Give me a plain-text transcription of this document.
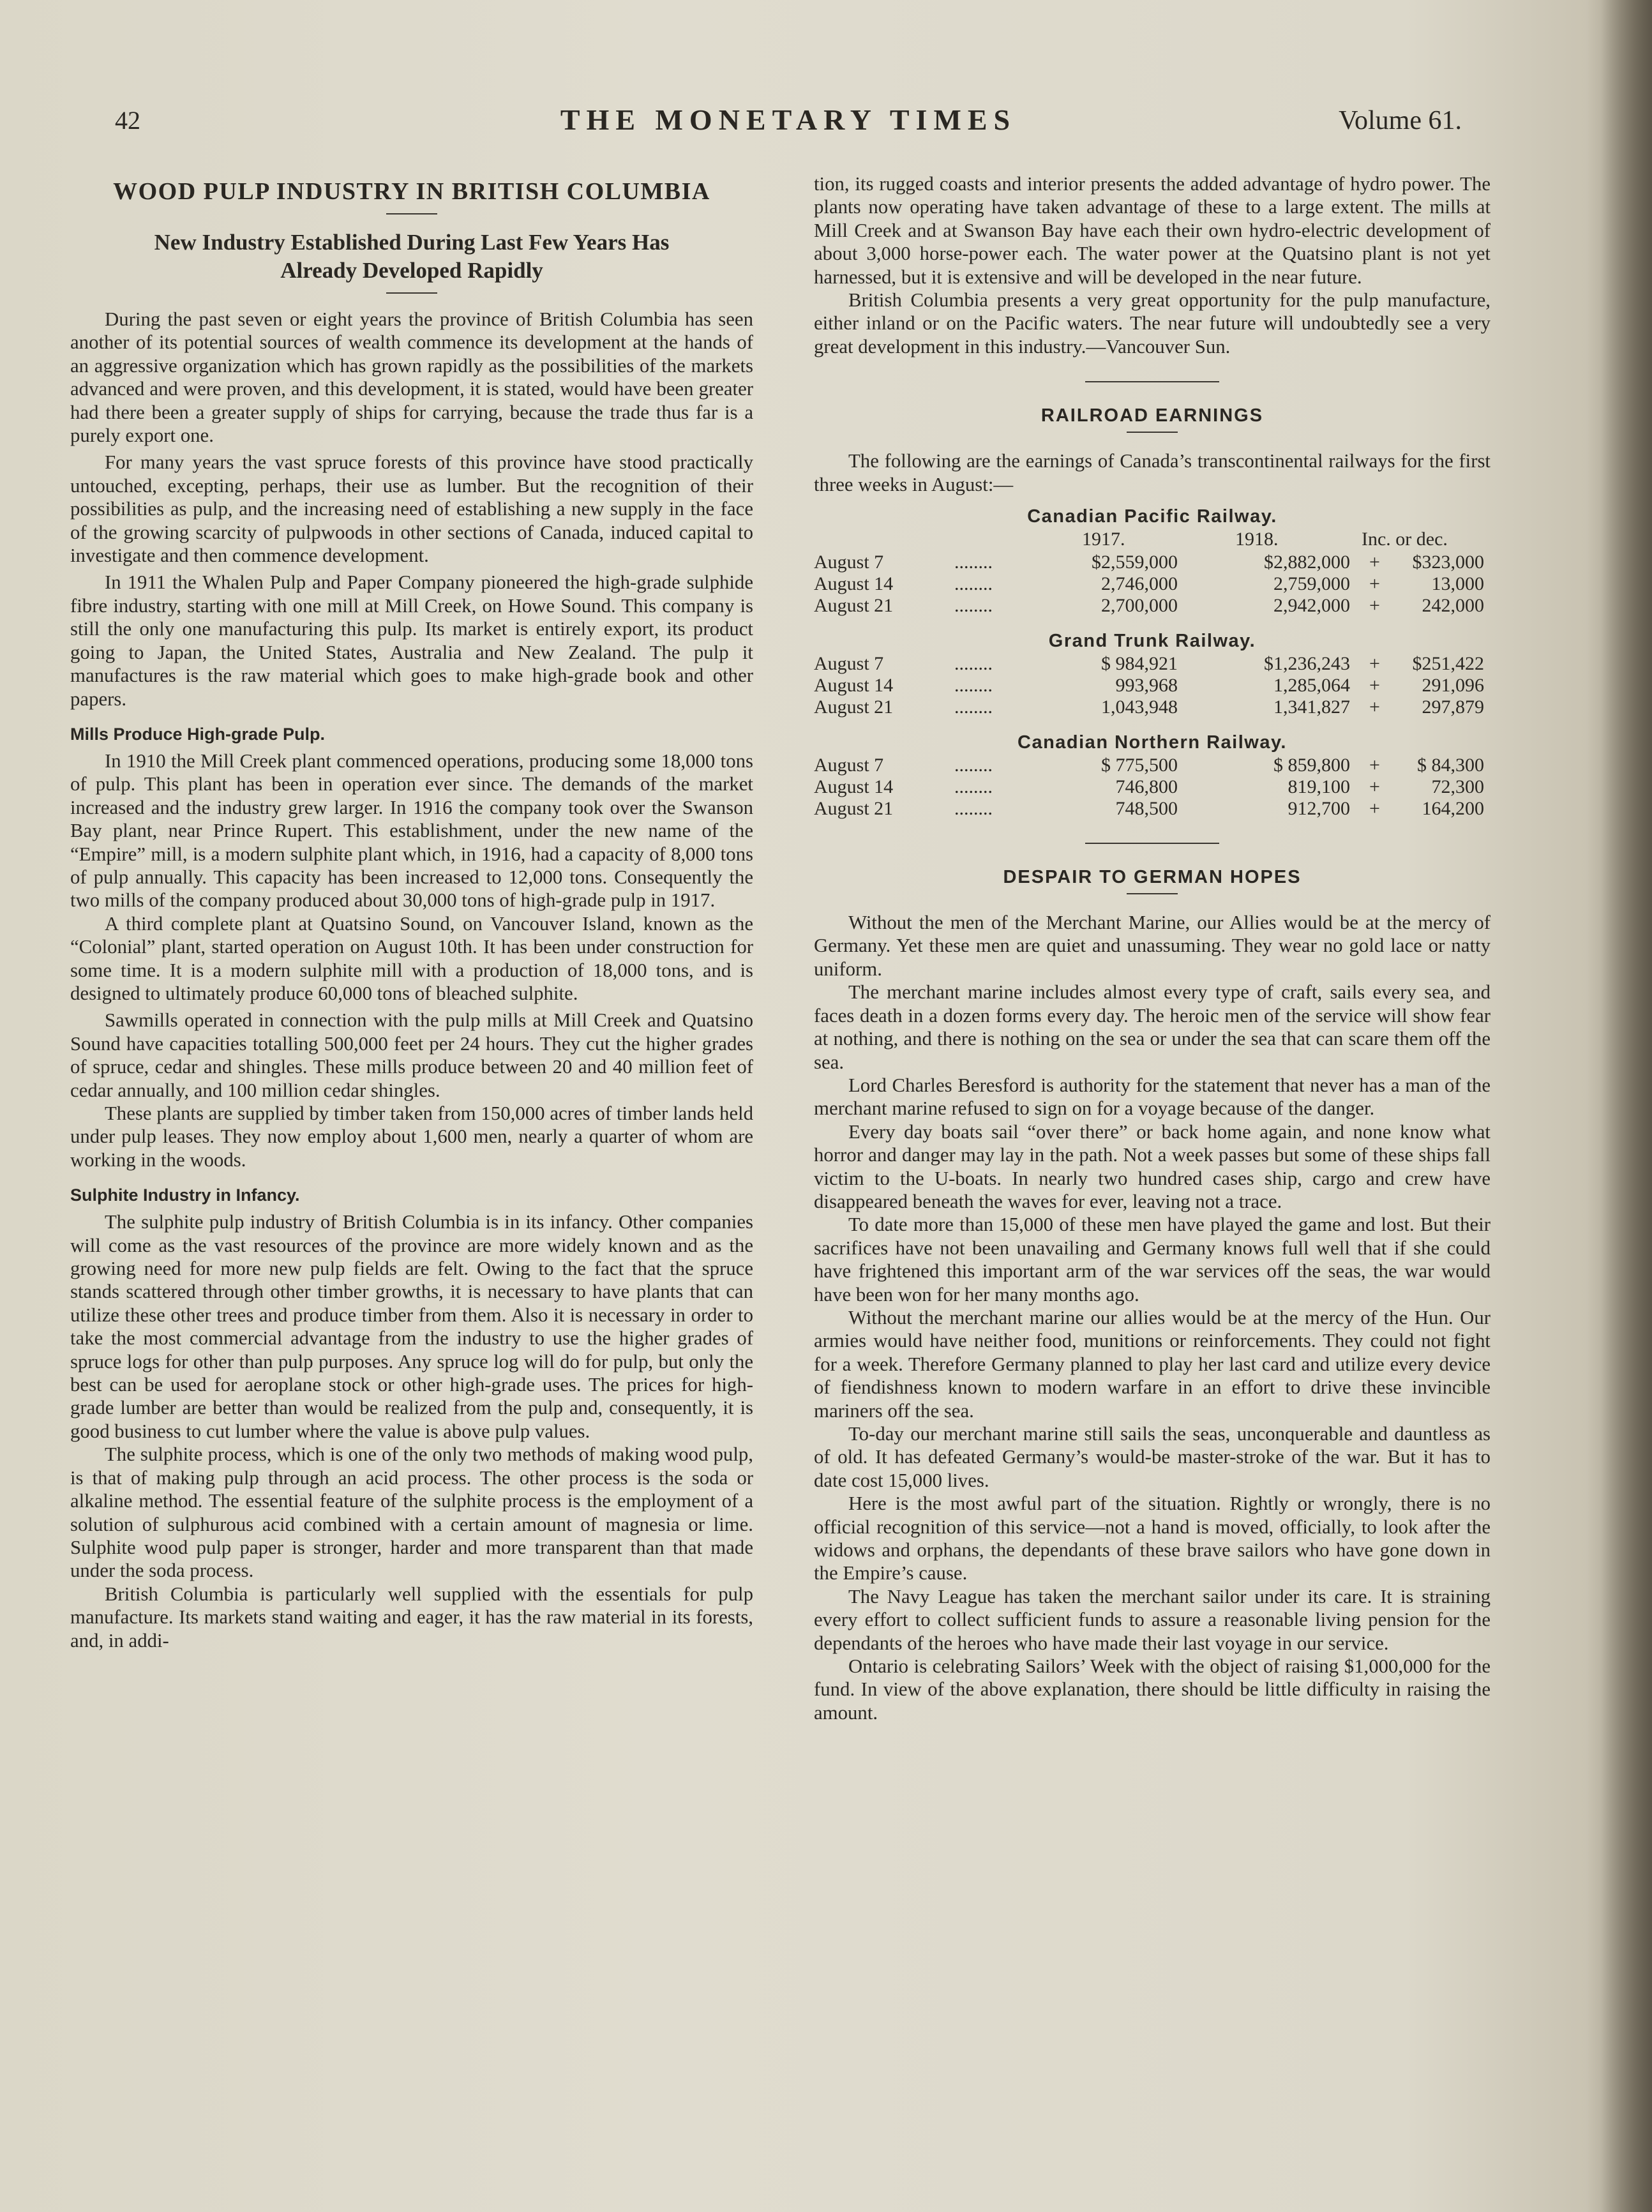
42	THE MONETARY TIMES	Volume 61.
WOOD PULP INDUSTRY IN BRITISH COLUMBIA
New Industry Established During Last Few Years Has
Already Developed Rapidly

During the past seven or eight years the province of British Columbia has seen another of its potential sources of wealth commence its development at the hands of an aggressive organization which has grown rapidly as the possibilities of the markets advanced and were proven, and this development, it is stated, would have been greater had there been a greater supply of ships for carrying, because the trade thus far is a purely export one.

For many years the vast spruce forests of this province have stood practically untouched, excepting, perhaps, their use as lumber. But the recognition of their possibilities as pulp, and the increasing need of establishing a new supply in the face of the growing scarcity of pulpwoods in other sections of Canada, induced capital to investigate and then commence development.

In 1911 the Whalen Pulp and Paper Company pioneered the high-grade sulphide fibre industry, starting with one mill at Mill Creek, on Howe Sound. This company is still the only one manufacturing this pulp. Its market is entirely export, its product going to Japan, the United States, Australia and New Zealand. The pulp it manufactures is the raw material which goes to make high-grade book and other papers.

Mills Produce High-grade Pulp.

In 1910 the Mill Creek plant commenced operations, producing some 18,000 tons of pulp. This plant has been in operation ever since. The demands of the market increased and the industry grew larger. In 1916 the company took over the Swanson Bay plant, near Prince Rupert. This establishment, under the new name of the “Empire” mill, is a modern sulphite plant which, in 1916, had a capacity of 8,000 tons of pulp annually. This capacity has been increased to 12,000 tons. Consequently the two mills of the company produced about 30,000 tons of high-grade pulp in 1917.

A third complete plant at Quatsino Sound, on Vancouver Island, known as the “Colonial” plant, started operation on August 10th. It has been under construction for some time. It is a modern sulphite mill with a production of 18,000 tons, and is designed to ultimately produce 60,000 tons of bleached sulphite.

Sawmills operated in connection with the pulp mills at Mill Creek and Quatsino Sound have capacities totalling 500,000 feet per 24 hours. They cut the higher grades of spruce, cedar and shingles. These mills produce between 20 and 40 million feet of cedar annually, and 100 million cedar shingles.

These plants are supplied by timber taken from 150,000 acres of timber lands held under pulp leases. They now employ about 1,600 men, nearly a quarter of whom are working in the woods.

Sulphite Industry in Infancy.

The sulphite pulp industry of British Columbia is in its infancy. Other companies will come as the vast resources of the province are more widely known and as the growing need for more new pulp fields are felt. Owing to the fact that the spruce stands scattered through other timber growths, it is necessary to have plants that can utilize these other trees and produce timber from them. Also it is necessary in order to take the most commercial advantage from the industry to use the higher grades of spruce logs for other than pulp purposes. Any spruce log will do for pulp, but only the best can be used for aeroplane stock or other high-grade uses. The prices for high-grade lumber are better than would be realized from the pulp and, consequently, it is good business to cut lumber where the value is above pulp values.

The sulphite process, which is one of the only two methods of making wood pulp, is that of making pulp through an acid process. The other process is the soda or alkaline method. The essential feature of the sulphite process is the employment of a solution of sulphurous acid combined with a certain amount of magnesia or lime. Sulphite wood pulp paper is stronger, harder and more transparent than that made under the soda process.

British Columbia is particularly well supplied with the essentials for pulp manufacture. Its markets stand waiting and eager, it has the raw material in its forests, and, in addi-

tion, its rugged coasts and interior presents the added advantage of hydro power. The plants now operating have taken advantage of these to a large extent. The mills at Mill Creek and at Swanson Bay have each their own hydro-electric development of about 3,000 horse-power each. The water power at the Quatsino plant is not yet harnessed, but it is extensive and will be developed in the near future.

British Columbia presents a very great opportunity for the pulp manufacture, either inland or on the Pacific waters. The near future will undoubtedly see a very great development in this industry.—Vancouver Sun.

RAILROAD EARNINGS

The following are the earnings of Canada’s transcontinental railways for the first three weeks in August:—

Canadian Pacific Railway.
1917.	1918.	Inc. or dec.
August 7	........	$2,559,000	$2,882,000 +	$323,000
August 14	........	2,746,000	2,759,000 +	13,000
August 21	........	2,700,000	2,942,000 +	242,000
Grand Trunk Railway.
August 7	........	$ 984,921	$1,236,243 +	$251,422
August 14	........	993,968	1,285,064 +	291,096
August 21	........	1,043,948	1,341,827 +	297,879
Canadian Northern Railway.
August 7	........	$ 775,500	$ 859,800 +	$ 84,300
August 14	........	746,800	819,100 +	72,300
August 21	........	748,500	912,700 +	164,200
DESPAIR TO GERMAN HOPES

Without the men of the Merchant Marine, our Allies would be at the mercy of Germany. Yet these men are quiet and unassuming. They wear no gold lace or natty uniform.

The merchant marine includes almost every type of craft, sails every sea, and faces death in a dozen forms every day. The heroic men of the service will show fear at nothing, and there is nothing on the sea or under the sea that can scare them off the sea.

Lord Charles Beresford is authority for the statement that never has a man of the merchant marine refused to sign on for a voyage because of the danger.

Every day boats sail “over there” or back home again, and none know what horror and danger may lay in the path. Not a week passes but some of these ships fall victim to the U-boats. In nearly two hundred cases ship, cargo and crew have disappeared beneath the waves for ever, leaving not a trace.

To date more than 15,000 of these men have played the game and lost. But their sacrifices have not been unavailing and Germany knows full well that if she could have frightened this important arm of the war services off the seas, the war would have been won for her many months ago.

Without the merchant marine our allies would be at the mercy of the Hun. Our armies would have neither food, munitions or reinforcements. They could not fight for a week. Therefore Germany planned to play her last card and utilize every device of fiendishness known to modern warfare in an effort to drive these invincible mariners off the sea.

To-day our merchant marine still sails the seas, unconquerable and dauntless as of old. It has defeated Germany’s would-be master-stroke of the war. But it has to date cost 15,000 lives.

Here is the most awful part of the situation. Rightly or wrongly, there is no official recognition of this service—not a hand is moved, officially, to look after the widows and orphans, the dependants of these brave sailors who have gone down in the Empire’s cause.

The Navy League has taken the merchant sailor under its care. It is straining every effort to collect sufficient funds to assure a reasonable living pension for the dependants of the heroes who have made their last voyage in our service.

Ontario is celebrating Sailors’ Week with the object of raising $1,000,000 for the fund. In view of the above explanation, there should be little difficulty in raising the amount.
